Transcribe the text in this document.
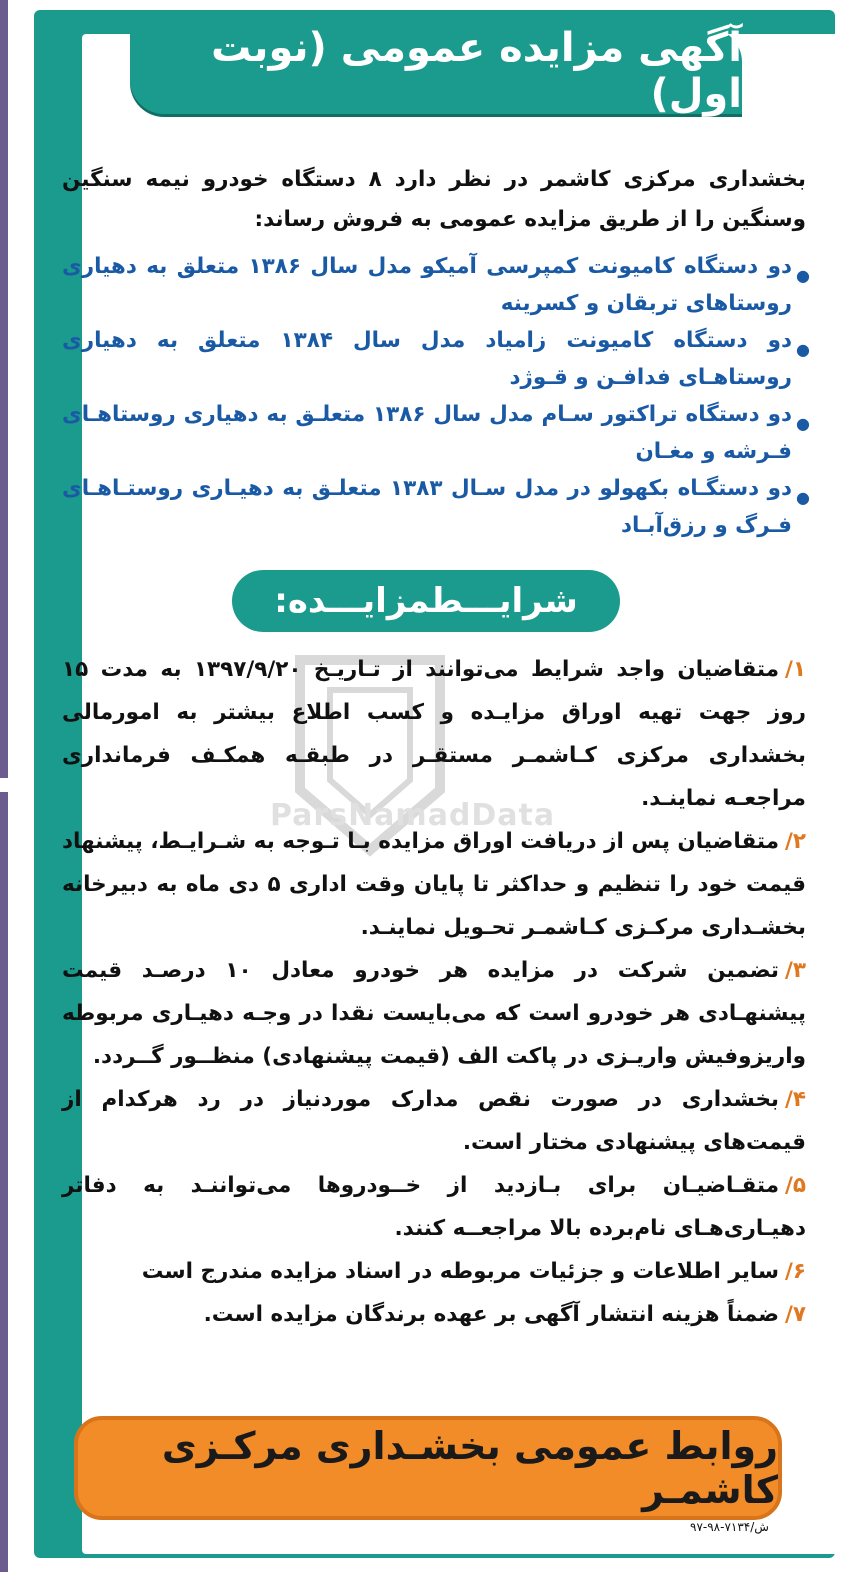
آگهی مزایده عمومی (نوبت اول)
بخشداری مرکزی کاشمر در نظر دارد ۸ دستگاه خودرو نیمه سنگین وسنگین را از طریق مزایده عمومی به فروش رساند:
●
دو دستگاه کامیونت کمپرسی آمیکو مدل سال ۱۳۸۶ متعلق به دهیاری روستاهای تربقان و کسرینه
●
دو دستگاه کامیونت زامیاد مدل سال ۱۳۸۴ متعلق به دهیاری روستاهـای فدافـن و قـوژد
●
دو دستگاه تراکتور سـام مدل سال ۱۳۸۶ متعلـق به دهیاری روستاهـای فـرشه و مغـان
●
دو دستگـاه بکهولو در مدل سـال ۱۳۸۳ متعلـق به دهیـاری روستـاهـای فـرگ و رزق‌آبـاد
شرایـــطمزایـــده:
ParsNamadData
۱/متقاضیان واجد شرایط می‌توانند از تـاریـخ ۱۳۹۷/۹/۲۰ به مدت ۱۵ روز جهت تهیه اوراق مزایـده و کسب اطلاع بیشتر به امورمالی بخشداری مرکزی کـاشمـر مستقـر در طبقـه همکـف فرمانداری مراجعـه نماینـد.
۲/متقاضیان پس از دریافت اوراق مزایده بـا تـوجه به شـرایـط، پیشنهاد قیمت خود را تنظیم و حداکثر تا پایان وقت اداری ۵ دی ماه به دبیرخانه بخشـداری مرکـزی کـاشمـر تحـویل نماینـد.
۳/تضمین شرکت در مزایده هر خودرو معادل ۱۰ درصـد قیمت پیشنهـادی هر خودرو است که می‌بایست نقدا در وجـه دهیـاری مربوطه واریزوفیش واریـزی در پاکت الف (قیمت پیشنهادی) منظــور گــردد.
۴/بخشداری در صورت نقص مدارک موردنیاز در رد هرکدام از قیمت‌های پیشنهادی مختار است.
۵/متقـاضیـان برای بـازدید از خــودروها می‌تواننـد به دفاتر دهیـاری‌هـای نام‌برده بالا مراجعــه کنند.
۶/سایر اطلاعات و جزئیات مربوطه در اسناد مزایده مندرج است
۷/ضمناً هزینه انتشار آگهی بر عهده برندگان مزایده است.
روابط عمومی بخشـداری مرکـزی کاشمـر
ش/۷۱۳۴-۹۸-۹۷
